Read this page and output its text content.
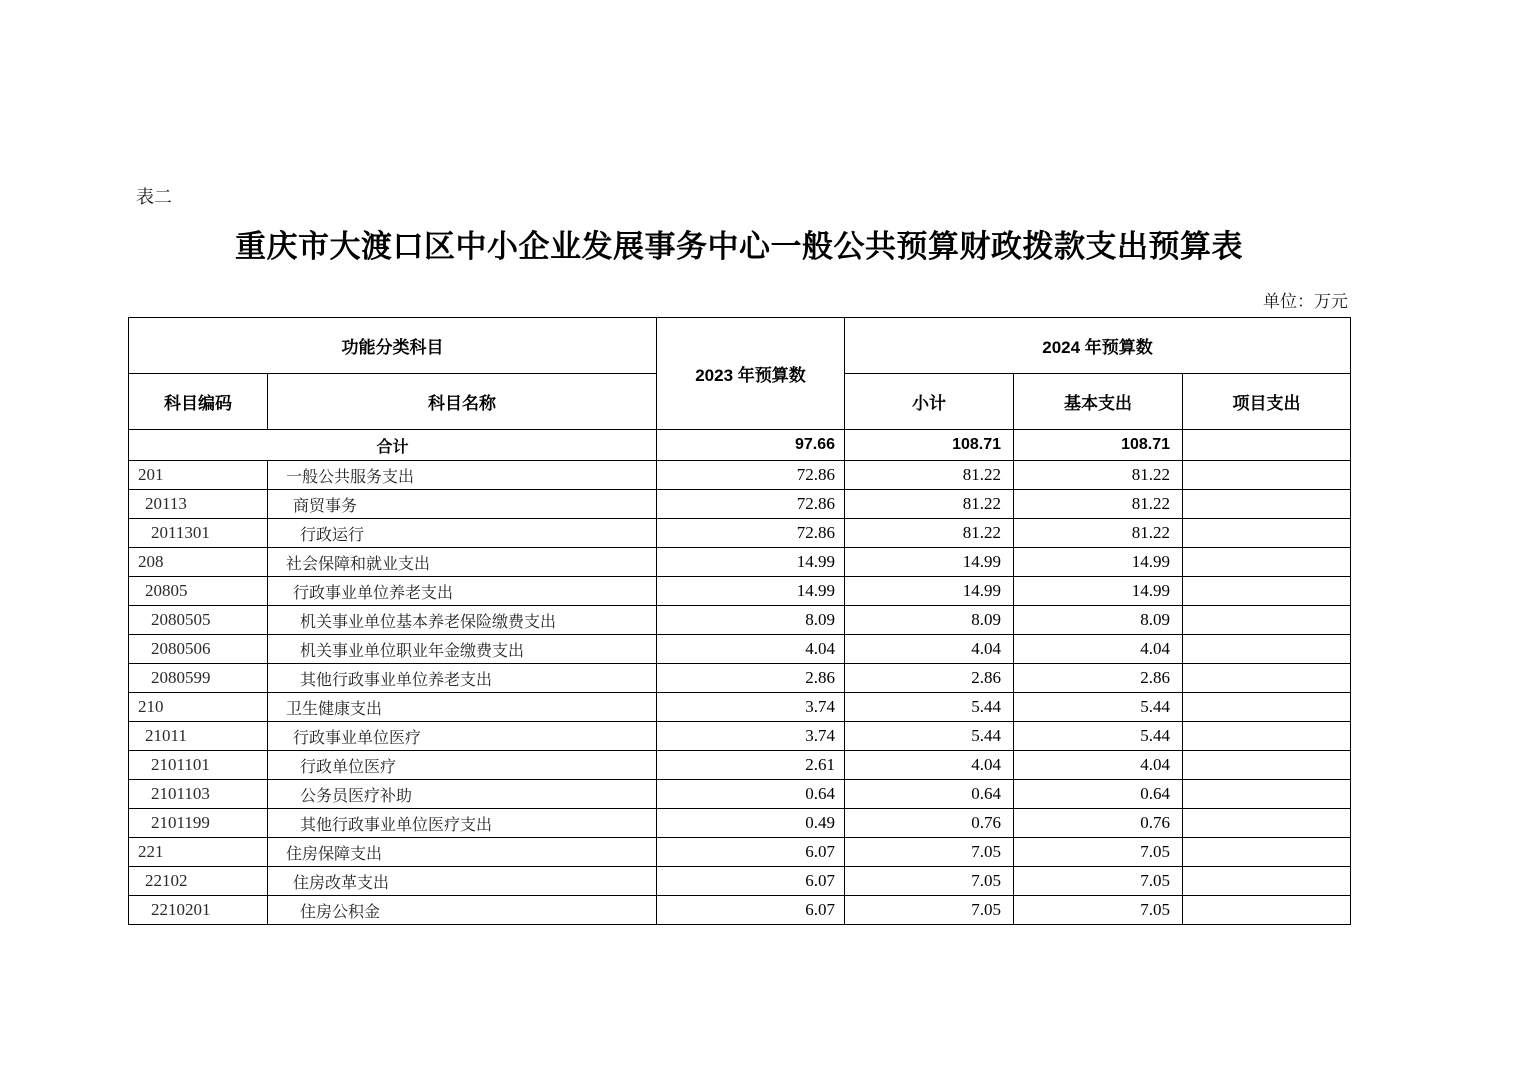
表二
重庆市大渡口区中小企业发展事务中心一般公共预算财政拨款支出预算表
单位：万元
功能分类科目		2023 年预算数	2024 年预算数		
科目编码	科目名称		小计	基本支出	项目支出
合计		97.66	108.71	108.71	
201	一般公共服务支出	72.86	81.22	81.22	
20113	商贸事务	72.86	81.22	81.22	
2011301	行政运行	72.86	81.22	81.22	
208	社会保障和就业支出	14.99	14.99	14.99	
20805	行政事业单位养老支出	14.99	14.99	14.99	
2080505	机关事业单位基本养老保险缴费支出	8.09	8.09	8.09	
2080506	机关事业单位职业年金缴费支出	4.04	4.04	4.04	
2080599	其他行政事业单位养老支出	2.86	2.86	2.86	
210	卫生健康支出	3.74	5.44	5.44	
21011	行政事业单位医疗	3.74	5.44	5.44	
2101101	行政单位医疗	2.61	4.04	4.04	
2101103	公务员医疗补助	0.64	0.64	0.64	
2101199	其他行政事业单位医疗支出	0.49	0.76	0.76	
221	住房保障支出	6.07	7.05	7.05	
22102	住房改革支出	6.07	7.05	7.05	
2210201	住房公积金	6.07	7.05	7.05	
